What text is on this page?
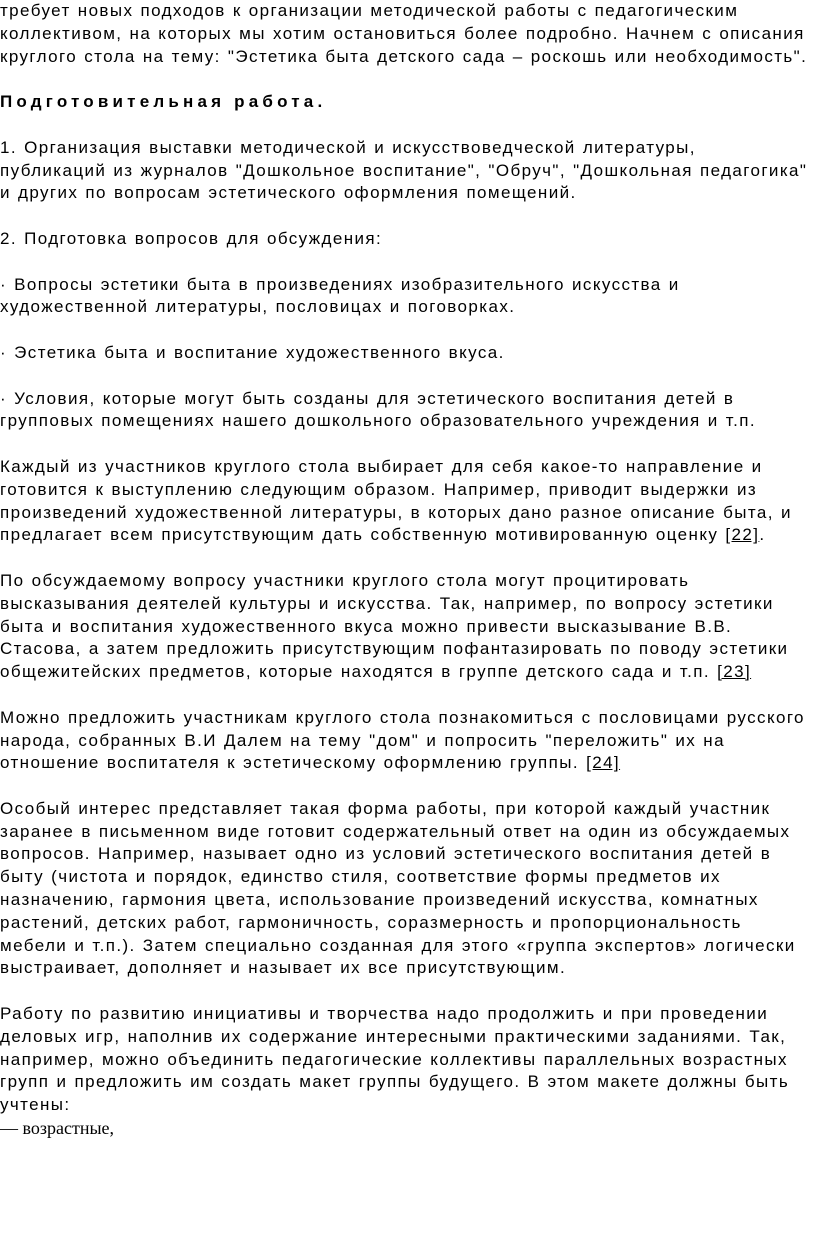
требует новых подходов к организации методической работы с педагогическим коллективом, на которых мы хотим остановиться более подробно. Начнем с описания круглого стола на тему: "Эстетика быта детского сада – роскошь или необходимость".

Подготовительная работа.

1. Организация выставки методической и искусствоведческой литературы, публикаций из журналов "Дошкольное воспитание", "Обруч", "Дошкольная педагогика" и других по вопросам эстетического оформления помещений.

2. Подготовка вопросов для обсуждения:

· Вопросы эстетики быта в произведениях изобразительного искусства и художественной литературы, пословицах и поговорках.

· Эстетика быта и воспитание художественного вкуса.

· Условия, которые могут быть созданы для эстетического воспитания детей в групповых помещениях нашего дошкольного образовательного учреждения и т.п.

Каждый из участников круглого стола выбирает для себя какое-то направление и готовится к выступлению следующим образом. Например, приводит выдержки из произведений художественной литературы, в которых дано разное описание быта, и предлагает всем присутствующим дать собственную мотивированную оценку [22].

По обсуждаемому вопросу участники круглого стола могут процитировать высказывания деятелей культуры и искусства. Так, например, по вопросу эстетики быта и воспитания художественного вкуса можно привести высказывание В.В. Стасова, а затем предложить присутствующим пофантазировать по поводу эстетики общежитейских предметов, которые находятся в группе детского сада и т.п. [23]

Можно предложить участникам круглого стола познакомиться с пословицами русского народа, собранных В.И Далем на тему "дом" и попросить "переложить" их на отношение воспитателя к эстетическому оформлению группы. [24]

Особый интерес представляет такая форма работы, при которой каждый участник заранее в письменном виде готовит содержательный ответ на один из обсуждаемых вопросов. Например, называет одно из условий эстетического воспитания детей в быту (чистота и порядок, единство стиля, соответствие формы предметов их назначению, гармония цвета, использование произведений искусства, комнатных растений, детских работ, гармоничность, соразмерность и пропорциональность мебели и т.п.). Затем специально созданная для этого «группа экспертов» логически выстраивает, дополняет и называет их все присутствующим.

Работу по развитию инициативы и творчества надо продолжить и при проведении деловых игр, наполнив их содержание интересными практическими заданиями. Так, например, можно объединить педагогические коллективы параллельных возрастных групп и предложить им создать макет группы будущего. В этом макете должны быть учтены:

— возрастные,
